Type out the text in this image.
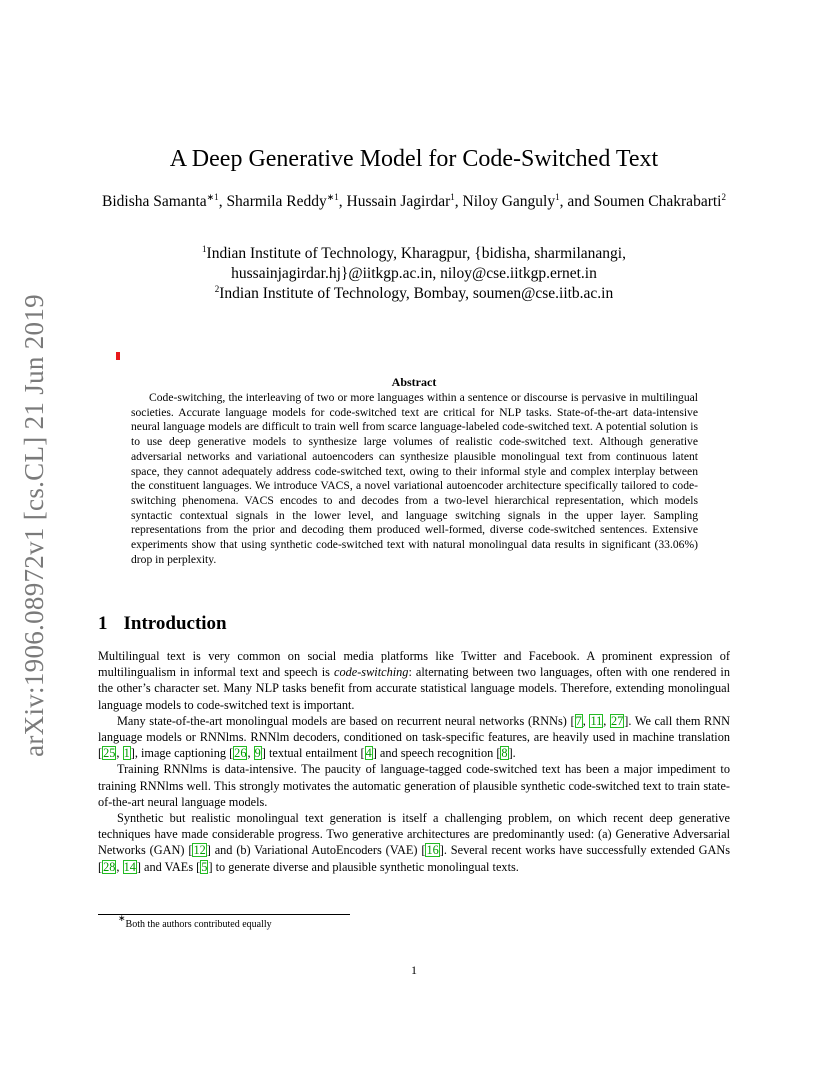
arXiv:1906.08972v1 [cs.CL] 21 Jun 2019
A Deep Generative Model for Code-Switched Text
Bidisha Samanta$^{∗1}$, Sharmila Reddy$^{∗1}$, Hussain Jagirdar$^1$, Niloy Ganguly$^1$, and Soumen Chakrabarti$^2$
$^1$Indian Institute of Technology, Kharagpur, {bidisha, sharmilanangi, hussainjagirdar.hj}@iitkgp.ac.in, niloy@cse.iitkgp.ernet.in
$^2$Indian Institute of Technology, Bombay, soumen@cse.iitb.ac.in
Abstract

Code-switching, the interleaving of two or more languages within a sentence or discourse is pervasive in multilingual societies. Accurate language models for code-switched text are critical for NLP tasks. State-of-the-art data-intensive neural language models are difficult to train well from scarce language-labeled code-switched text. A potential solution is to use deep generative models to synthesize large volumes of realistic code-switched text. Although generative adversarial networks and variational autoencoders can synthesize plausible monolingual text from continuous latent space, they cannot adequately address code-switched text, owing to their informal style and complex interplay between the constituent languages. We introduce VACS, a novel variational autoencoder architecture specifically tailored to code-switching phenomena. VACS encodes to and decodes from a two-level hierarchical representation, which models syntactic contextual signals in the lower level, and language switching signals in the upper layer. Sampling representations from the prior and decoding them produced well-formed, diverse code-switched sentences. Extensive experiments show that using synthetic code-switched text with natural monolingual data results in significant (33.06%) drop in perplexity.

1 Introduction

Multilingual text is very common on social media platforms like Twitter and Facebook. A prominent expression of multilingualism in informal text and speech is code-switching: alternating between two languages, often with one rendered in the other’s character set. Many NLP tasks benefit from accurate statistical language models. Therefore, extending monolingual language models to code-switched text is important.

Many state-of-the-art monolingual models are based on recurrent neural networks (RNNs) [7, 11, 27]. We call them RNN language models or RNNlms. RNNlm decoders, conditioned on task-specific features, are heavily used in machine translation [25, 1], image captioning [26, 9] textual entailment [4] and speech recognition [8].

Training RNNlms is data-intensive. The paucity of language-tagged code-switched text has been a major impediment to training RNNlms well. This strongly motivates the automatic generation of plausible synthetic code-switched text to train state-of-the-art neural language models.

Synthetic but realistic monolingual text generation is itself a challenging problem, on which recent deep generative techniques have made considerable progress. Two generative architectures are predominantly used: (a) Generative Adversarial Networks (GAN) [12] and (b) Variational AutoEncoders (VAE) [16]. Several recent works have successfully extended GANs [28, 14] and VAEs [5] to generate diverse and plausible synthetic monolingual texts.

∗Both the authors contributed equally
1
